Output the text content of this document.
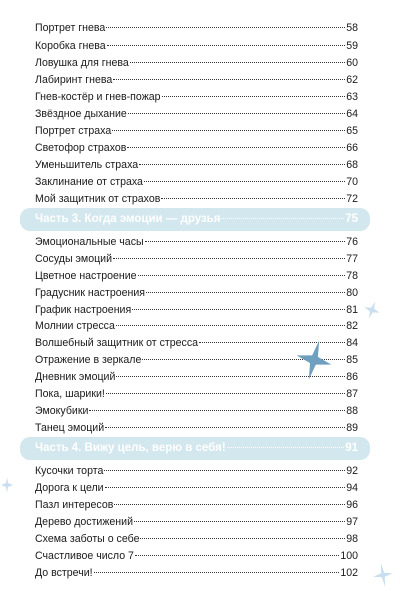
Портрет гнева	58
Коробка гнева	59
Ловушка для гнева	60
Лабиринт гнева	62
Гнев-костёр и гнев-пожар	63
Звёздное дыхание	64
Портрет страха	65
Светофор страхов	66
Уменьшитель страха	68
Заклинание от страха	70
Мой защитник от страхов	72
Часть 3. Когда эмоции — друзья	75
Эмоциональные часы	76
Сосуды эмоций	77
Цветное настроение	78
Градусник настроения	80
График настроения	81
Молнии стресса	82
Волшебный защитник от стресса	84
Отражение в зеркале	85
Дневник эмоций	86
Пока, шарики!	87
Эмокубики	88
Танец эмоций	89
Часть 4. Вижу цель, верю в себя!	91
Кусочки торта	92
Дорога к цели	94
Пазл интересов	96
Дерево достижений	97
Схема заботы о себе	98
Счастливое число 7	100
До встречи!	102
